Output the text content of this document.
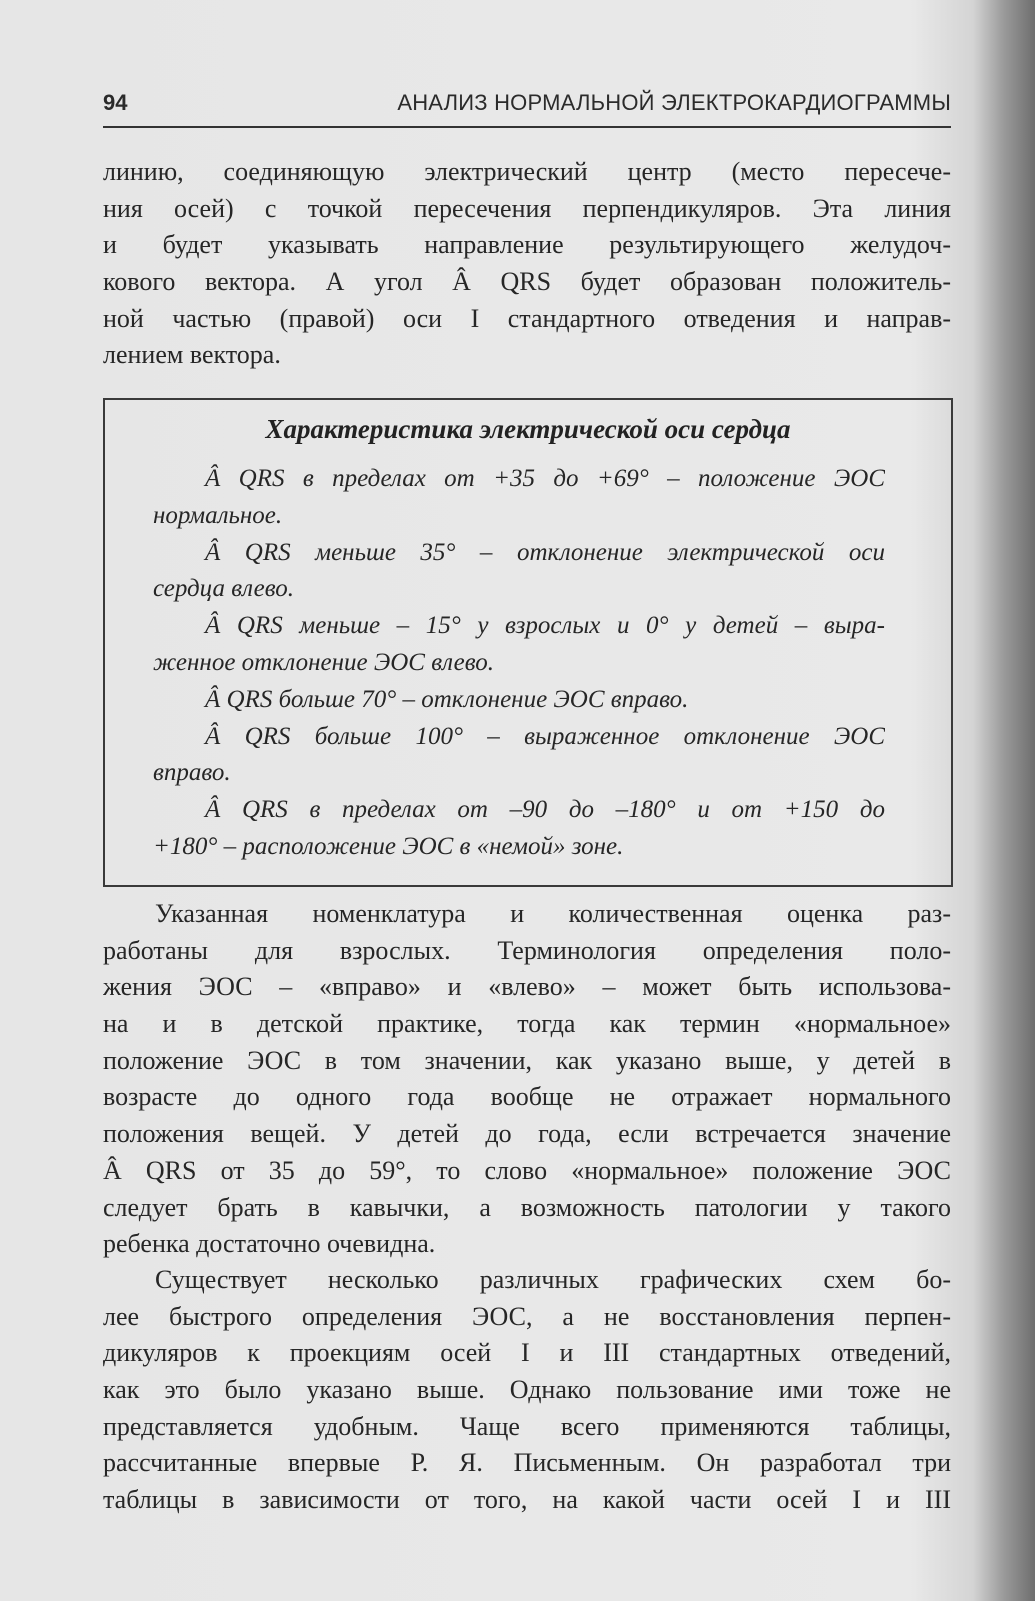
94	АНАЛИЗ НОРМАЛЬНОЙ ЭЛЕКТРОКАРДИОГРАММЫ
линию, соединяющую электрический центр (место пересече-
ния осей) с точкой пересечения перпендикуляров. Эта линия
и будет указывать направление результирующего желудоч-
кового вектора. А угол Â QRS будет образован положитель-
ной частью (правой) оси I стандартного отведения и направ-
лением вектора.
Характеристика электрической оси сердца
Â QRS в пределах от +35 до +69° – положение ЭОС
нормальное.
Â QRS меньше 35° – отклонение электрической оси
сердца влево.
Â QRS меньше – 15° у взрослых и 0° у детей – выра-
женное отклонение ЭОС влево.
Â QRS больше 70° – отклонение ЭОС вправо.
Â QRS больше 100° – выраженное отклонение ЭОС
вправо.
Â QRS в пределах от –90 до –180° и от +150 до
+180° – расположение ЭОС в «немой» зоне.
Указанная номенклатура и количественная оценка раз-
работаны для взрослых. Терминология определения поло-
жения ЭОС – «вправо» и «влево» – может быть использова-
на и в детской практике, тогда как термин «нормальное»
положение ЭОС в том значении, как указано выше, у детей в
возрасте до одного года вообще не отражает нормального
положения вещей. У детей до года, если встречается значение
Â QRS от 35 до 59°, то слово «нормальное» положение ЭОС
следует брать в кавычки, а возможность патологии у такого
ребенка достаточно очевидна.
Существует несколько различных графических схем бо-
лее быстрого определения ЭОС, а не восстановления перпен-
дикуляров к проекциям осей I и III стандартных отведений,
как это было указано выше. Однако пользование ими тоже не
представляется удобным. Чаще всего применяются таблицы,
рассчитанные впервые Р. Я. Письменным. Он разработал три
таблицы в зависимости от того, на какой части осей I и III
